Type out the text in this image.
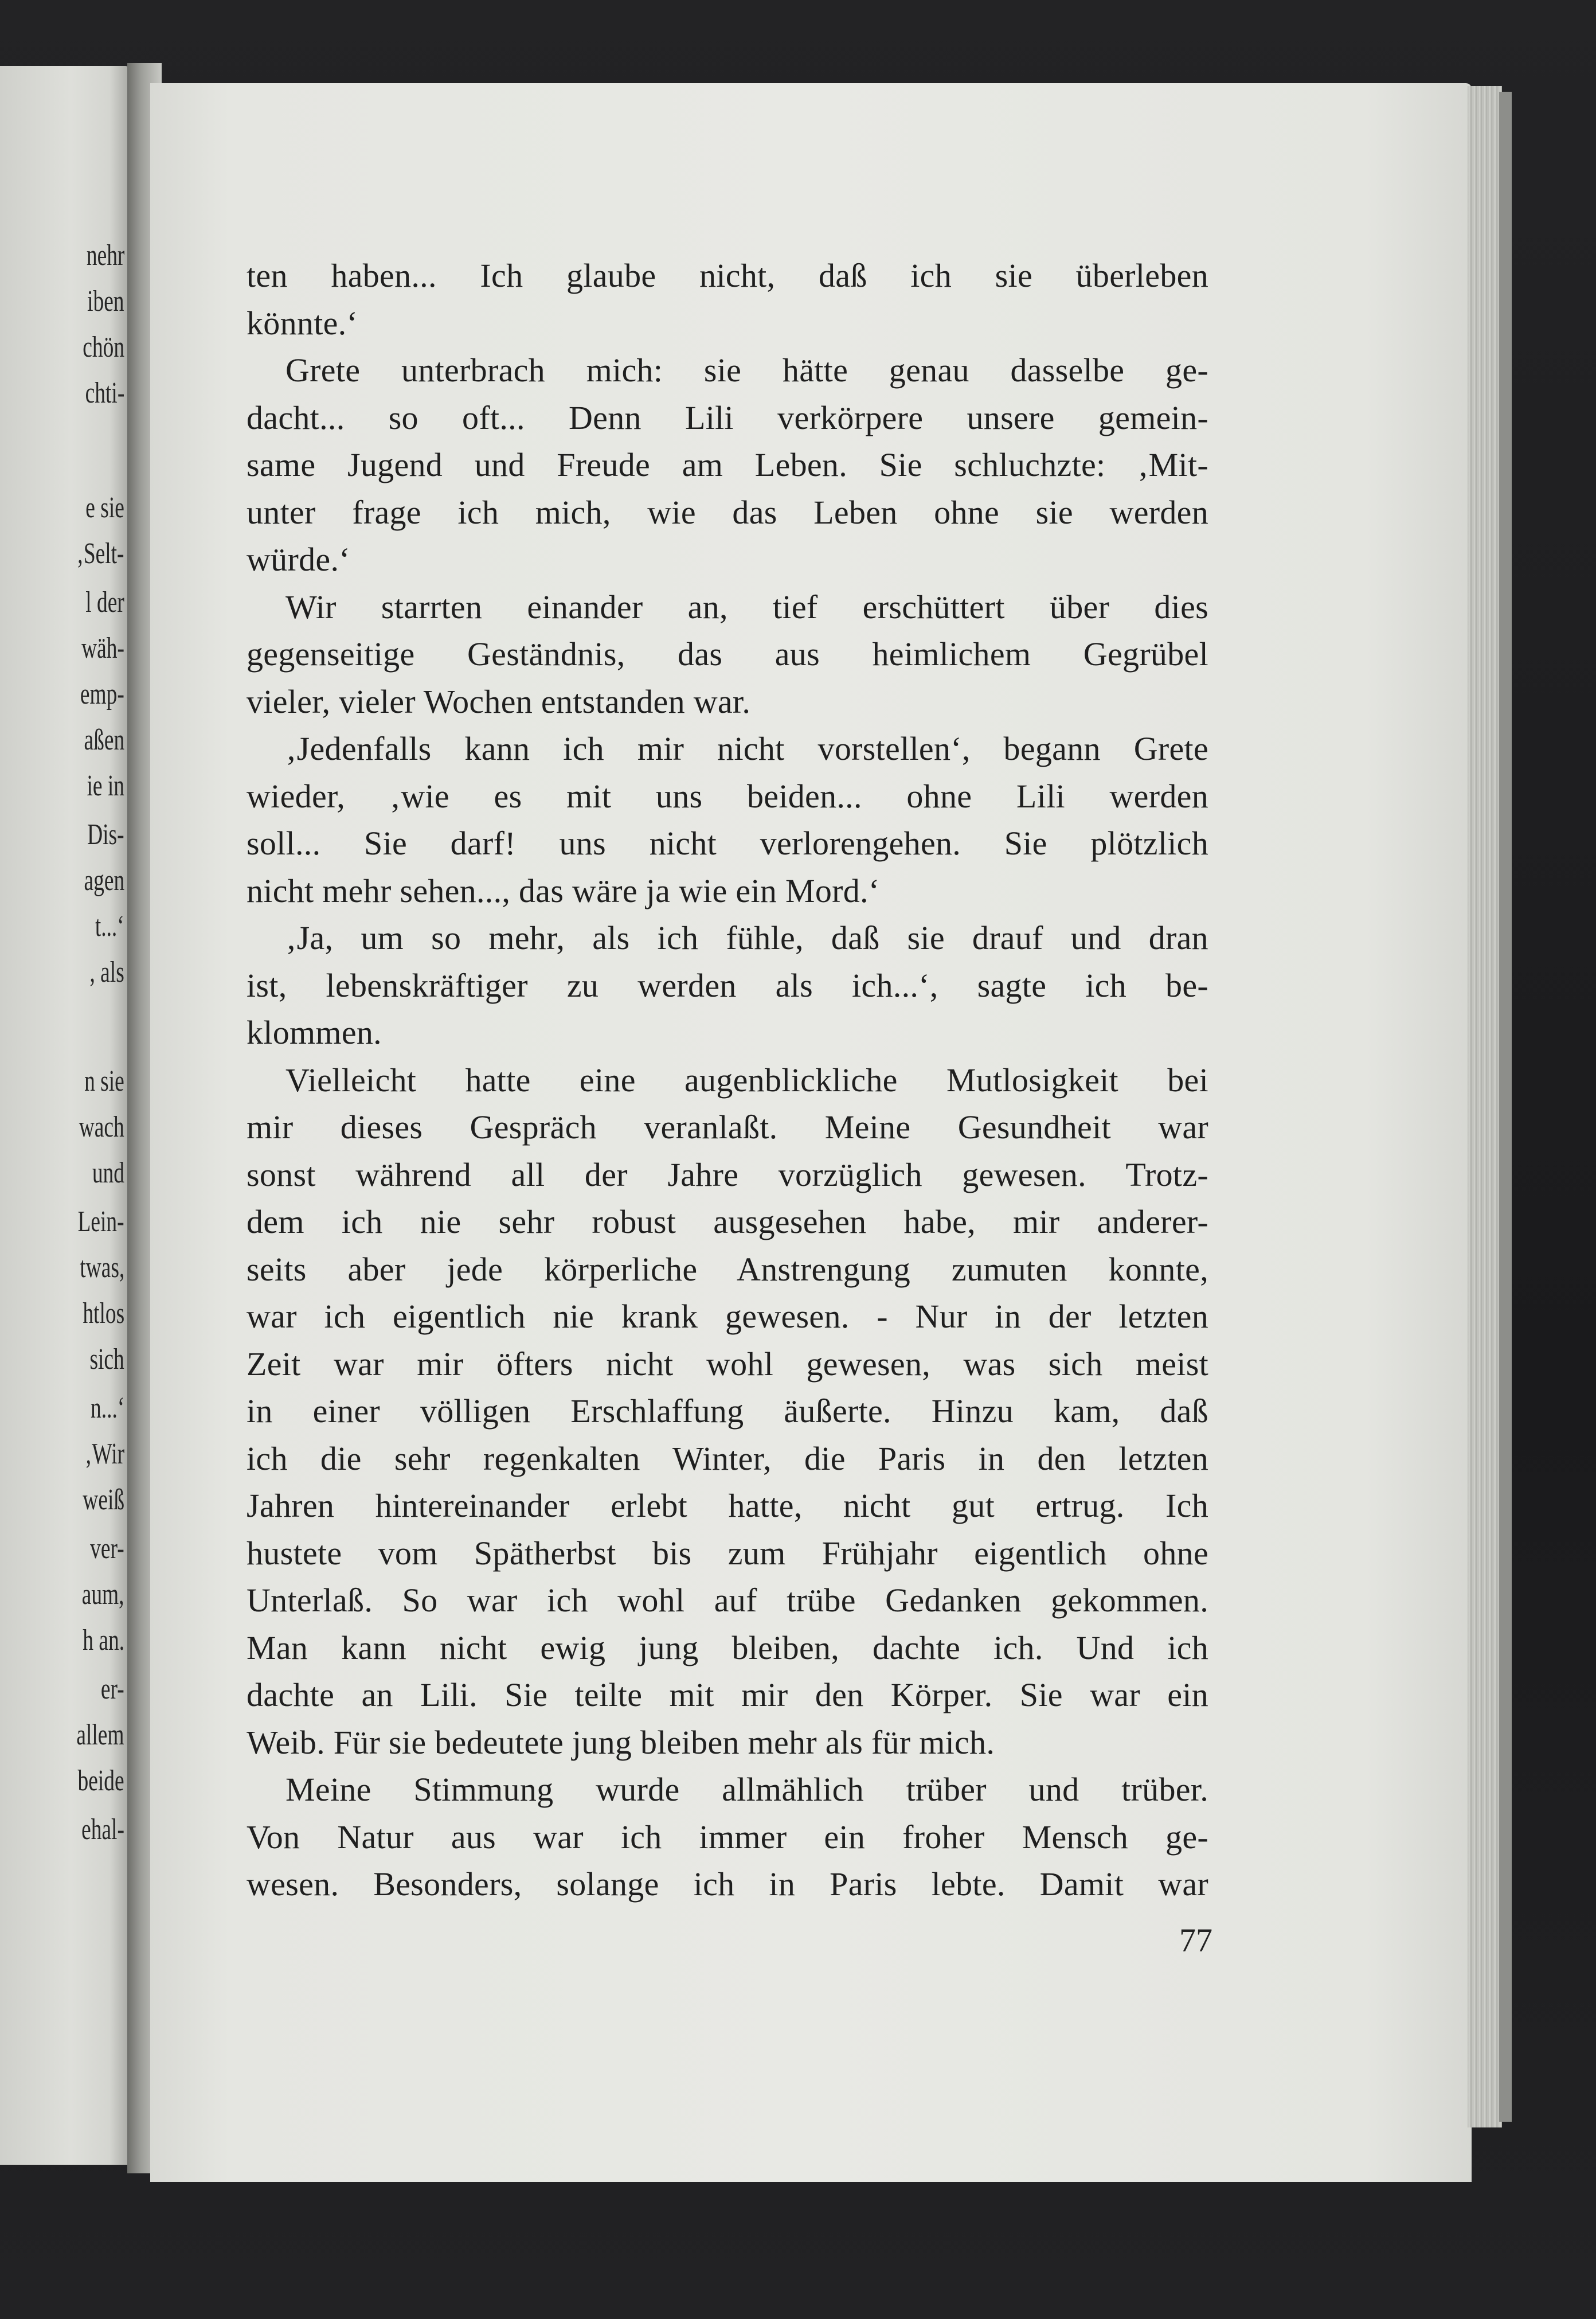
nehr
iben
chön
chti-
e sie
‚Selt-
l der
wäh-
emp-
aßen
ie in
Dis-
agen
t...‘
, als
n sie
wach
und
Lein-
twas,
htlos
sich
n...‘
‚Wir
weiß
ver-
aum,
h an.
er-
allem
beide
ehal-
ten haben... Ich glaube nicht, daß ich sie überleben
könnte.‘
Grete unterbrach mich: sie hätte genau dasselbe ge-
dacht... so oft... Denn Lili verkörpere unsere gemein-
same Jugend und Freude am Leben. Sie schluchzte: ‚Mit-
unter frage ich mich, wie das Leben ohne sie werden
würde.‘
Wir starrten einander an, tief erschüttert über dies
gegenseitige Geständnis, das aus heimlichem Gegrübel
vieler, vieler Wochen entstanden war.
‚Jedenfalls kann ich mir nicht vorstellen‘, begann Grete
wieder, ‚wie es mit uns beiden... ohne Lili werden
soll... Sie darf! uns nicht verlorengehen. Sie plötzlich
nicht mehr sehen..., das wäre ja wie ein Mord.‘
‚Ja, um so mehr, als ich fühle, daß sie drauf und dran
ist, lebenskräftiger zu werden als ich...‘, sagte ich be-
klommen.
Vielleicht hatte eine augenblickliche Mutlosigkeit bei
mir dieses Gespräch veranlaßt. Meine Gesundheit war
sonst während all der Jahre vorzüglich gewesen. Trotz-
dem ich nie sehr robust ausgesehen habe, mir anderer-
seits aber jede körperliche Anstrengung zumuten konnte,
war ich eigentlich nie krank gewesen. - Nur in der letzten
Zeit war mir öfters nicht wohl gewesen, was sich meist
in einer völligen Erschlaffung äußerte. Hinzu kam, daß
ich die sehr regenkalten Winter, die Paris in den letzten
Jahren hintereinander erlebt hatte, nicht gut ertrug. Ich
hustete vom Spätherbst bis zum Frühjahr eigentlich ohne
Unterlaß. So war ich wohl auf trübe Gedanken gekommen.
Man kann nicht ewig jung bleiben, dachte ich. Und ich
dachte an Lili. Sie teilte mit mir den Körper. Sie war ein
Weib. Für sie bedeutete jung bleiben mehr als für mich.
Meine Stimmung wurde allmählich trüber und trüber.
Von Natur aus war ich immer ein froher Mensch ge-
wesen. Besonders, solange ich in Paris lebte. Damit war
77
